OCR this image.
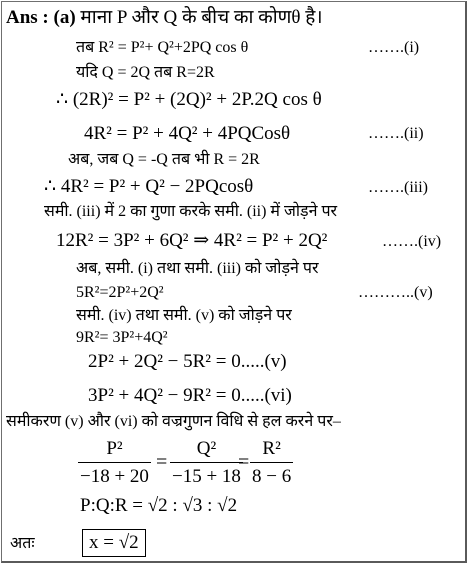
Ans : (a) माना P और Q के बीच का कोणθ है।
तब R² = P²+ Q²+2PQ cos θ	…….(i)
यदि Q = 2Q तब R=2R
∴ (2R)² = P² + (2Q)² + 2P.2Q cos θ
4R² = P² + 4Q² + 4PQCosθ	…….(ii)
अब, जब Q = -Q तब भी R = 2R
∴ 4R² = P² + Q² − 2PQcosθ	…….(iii)
समी. (iii) में 2 का गुणा करके समी. (ii) में जोड़ने पर
12R² = 3P² + 6Q² ⇒ 4R² = P² + 2Q²	…….(iv)
अब, समी. (i) तथा समी. (iii) को जोड़ने पर
5R²=2P²+2Q²	………..(v)
समी. (iv) तथा समी. (v) को जोड़ने पर
9R²= 3P²+4Q²
2P² + 2Q² − 5R² = 0.....(v)
3P² + 4Q² − 9R² = 0.....(vi)
समीकरण (v) और (vi) को वज्रगुणन विधि से हल करने पर–
P²
−18 + 20
=
Q²
−15 + 18
=
R²
8 − 6
P:Q:R = √2 : √3 : √2
अतः	x = √2
